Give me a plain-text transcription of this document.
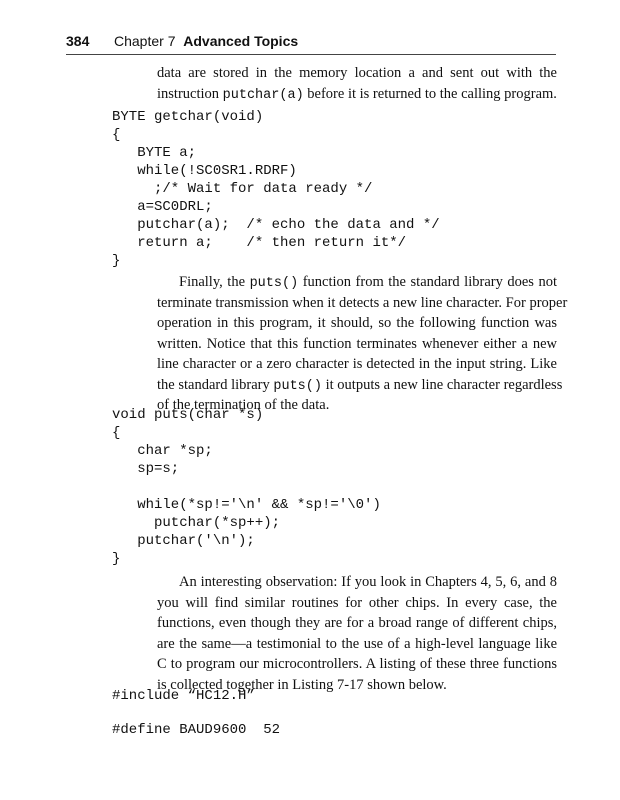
384 Chapter 7 Advanced Topics

data are stored in the memory location a and sent out with the
instruction putchar(a) before it is returned to the calling program.

BYTE getchar(void)
{
BYTE a;
while(!SC0SR1.RDRF)
;/* Wait for data ready */
a=SC0DRL;
putchar(a);  /* echo the data and */
return a;    /* then return it*/
}

Finally, the puts() function from the standard library does not
terminate transmission when it detects a new line character. For proper
operation in this program, it should, so the following function was
written. Notice that this function terminates whenever either a new
line character or a zero character is detected in the input string. Like
the standard library puts() it outputs a new line character regardless
of the termination of the data.

void puts(char *s)
{
char *sp;
sp=s;
while(*sp!='\n' && *sp!='\0')
putchar(*sp++);
putchar('\n');
}

An interesting observation: If you look in Chapters 4, 5, 6, and 8
you will find similar routines for other chips. In every case, the
functions, even though they are for a broad range of different chips,
are the same—a testimonial to the use of a high-level language like
C to program our microcontrollers. A listing of these three functions
is collected together in Listing 7-17 shown below.

#include “HC12.H”
#define BAUD9600  52
